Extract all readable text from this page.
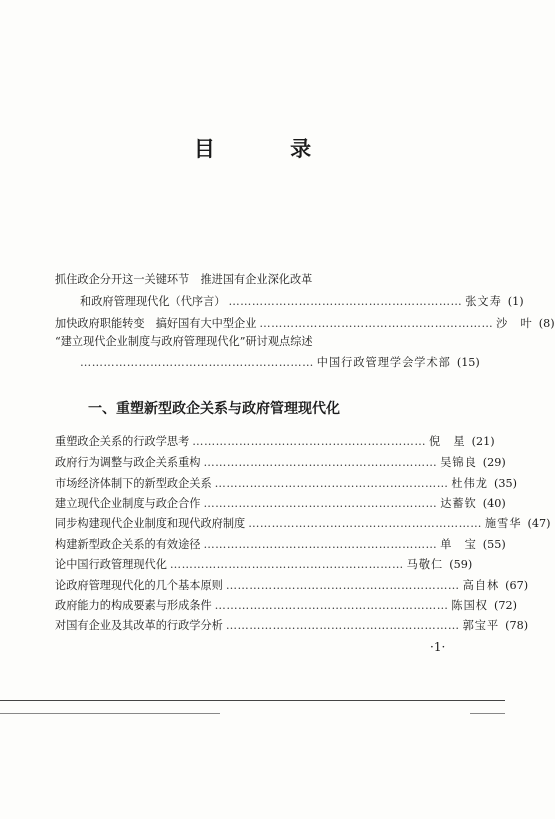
目 录
抓住政企分开这一关键环节　推进国有企业深化改革
和政府管理现代化（代序言） …………………………………………………… 张文寿 (1)
加快政府职能转变　搞好国有大中型企业 …………………………………………………… 沙　叶 (8)
“建立现代企业制度与政府管理现代化”研讨观点综述
…………………………………………………… 中国行政管理学会学术部 (15)
一、重塑新型政企关系与政府管理现代化
重塑政企关系的行政学思考 …………………………………………………… 倪　星 (21)
政府行为调整与政企关系重构 …………………………………………………… 吴锦良 (29)
市场经济体制下的新型政企关系 …………………………………………………… 杜伟龙 (35)
建立现代企业制度与政企合作 …………………………………………………… 达蓄钦 (40)
同步构建现代企业制度和现代政府制度 …………………………………………………… 施雪华 (47)
构建新型政企关系的有效途径 …………………………………………………… 单　宝 (55)
论中国行政管理现代化 …………………………………………………… 马敬仁 (59)
论政府管理现代化的几个基本原则 …………………………………………………… 高自林 (67)
政府能力的构成要素与形成条件 …………………………………………………… 陈国权 (72)
对国有企业及其改革的行政学分析 …………………………………………………… 郭宝平 (78)
·1·
